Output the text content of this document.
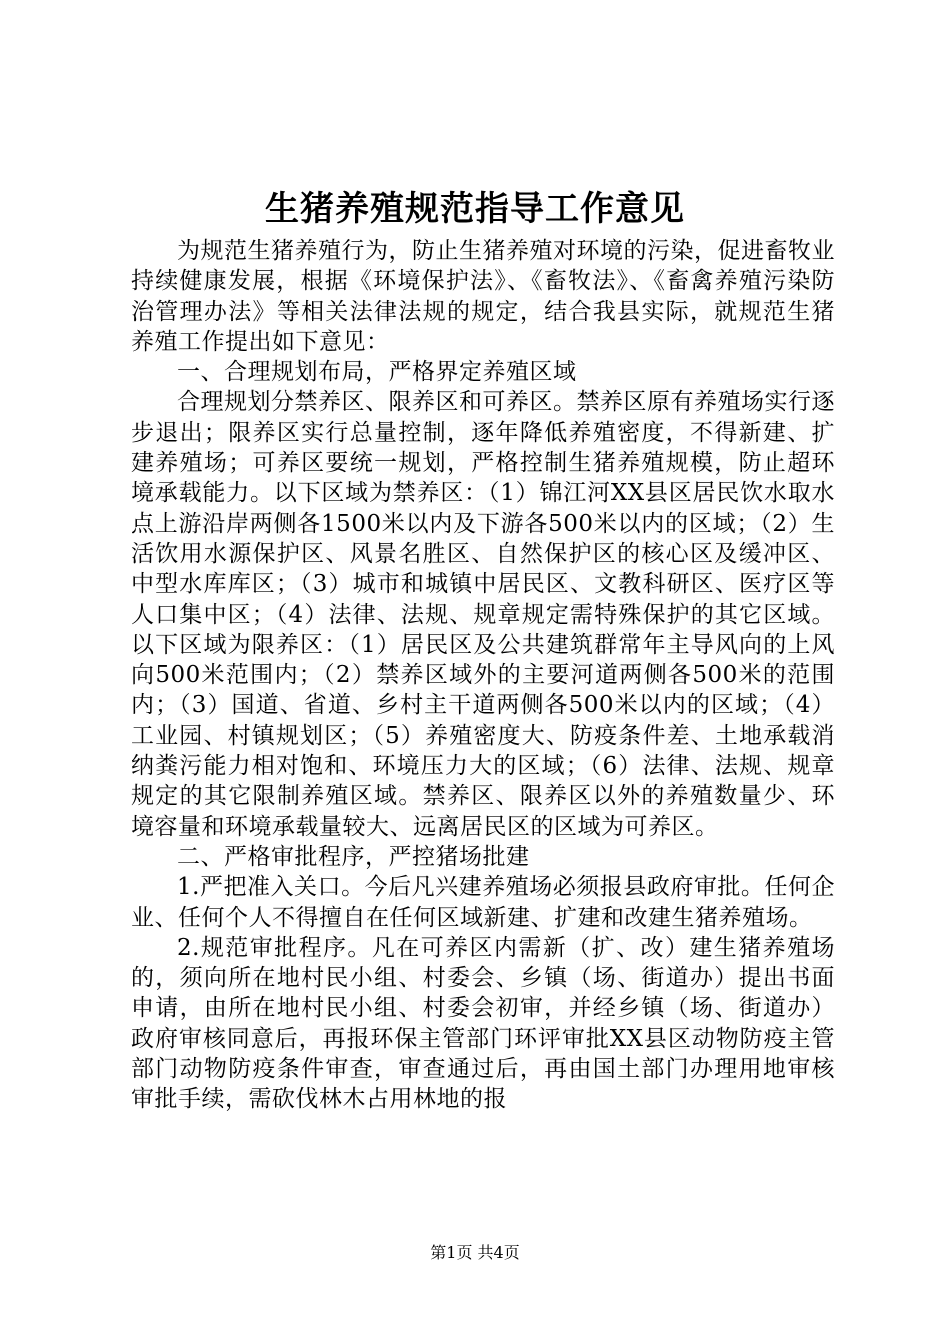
生猪养殖规范指导工作意见

为规范生猪养殖行为，防止生猪养殖对环境的污染，促进畜牧业持续健康发展，根据《环境保护法》、《畜牧法》、《畜禽养殖污染防治管理办法》等相关法律法规的规定，结合我县实际，就规范生猪养殖工作提出如下意见：

一、合理规划布局，严格界定养殖区域

合理规划分禁养区、限养区和可养区。禁养区原有养殖场实行逐步退出；限养区实行总量控制，逐年降低养殖密度，不得新建、扩建养殖场；可养区要统一规划，严格控制生猪养殖规模，防止超环境承载能力。以下区域为禁养区：（1）锦江河XX县区居民饮水取水点上游沿岸两侧各1500米以内及下游各500米以内的区域；（2）生活饮用水源保护区、风景名胜区、自然保护区的核心区及缓冲区、中型水库库区；（3）城市和城镇中居民区、文教科研区、医疗区等人口集中区；（4）法律、法规、规章规定需特殊保护的其它区域。以下区域为限养区：（1）居民区及公共建筑群常年主导风向的上风向500米范围内；（2）禁养区域外的主要河道两侧各500米的范围内；（3）国道、省道、乡村主干道两侧各500米以内的区域；（4）工业园、村镇规划区；（5）养殖密度大、防疫条件差、土地承载消纳粪污能力相对饱和、环境压力大的区域；（6）法律、法规、规章规定的其它限制养殖区域。禁养区、限养区以外的养殖数量少、环境容量和环境承载量较大、远离居民区的区域为可养区。

二、严格审批程序，严控猪场批建

1.严把准入关口。今后凡兴建养殖场必须报县政府审批。任何企业、任何个人不得擅自在任何区域新建、扩建和改建生猪养殖场。

2.规范审批程序。凡在可养区内需新（扩、改）建生猪养殖场的，须向所在地村民小组、村委会、乡镇（场、街道办）提出书面申请，由所在地村民小组、村委会初审，并经乡镇（场、街道办）政府审核同意后，再报环保主管部门环评审批XX县区动物防疫主管部门动物防疫条件审查，审查通过后，再由国土部门办理用地审核审批手续，需砍伐林木占用林地的报

第1页 共4页
